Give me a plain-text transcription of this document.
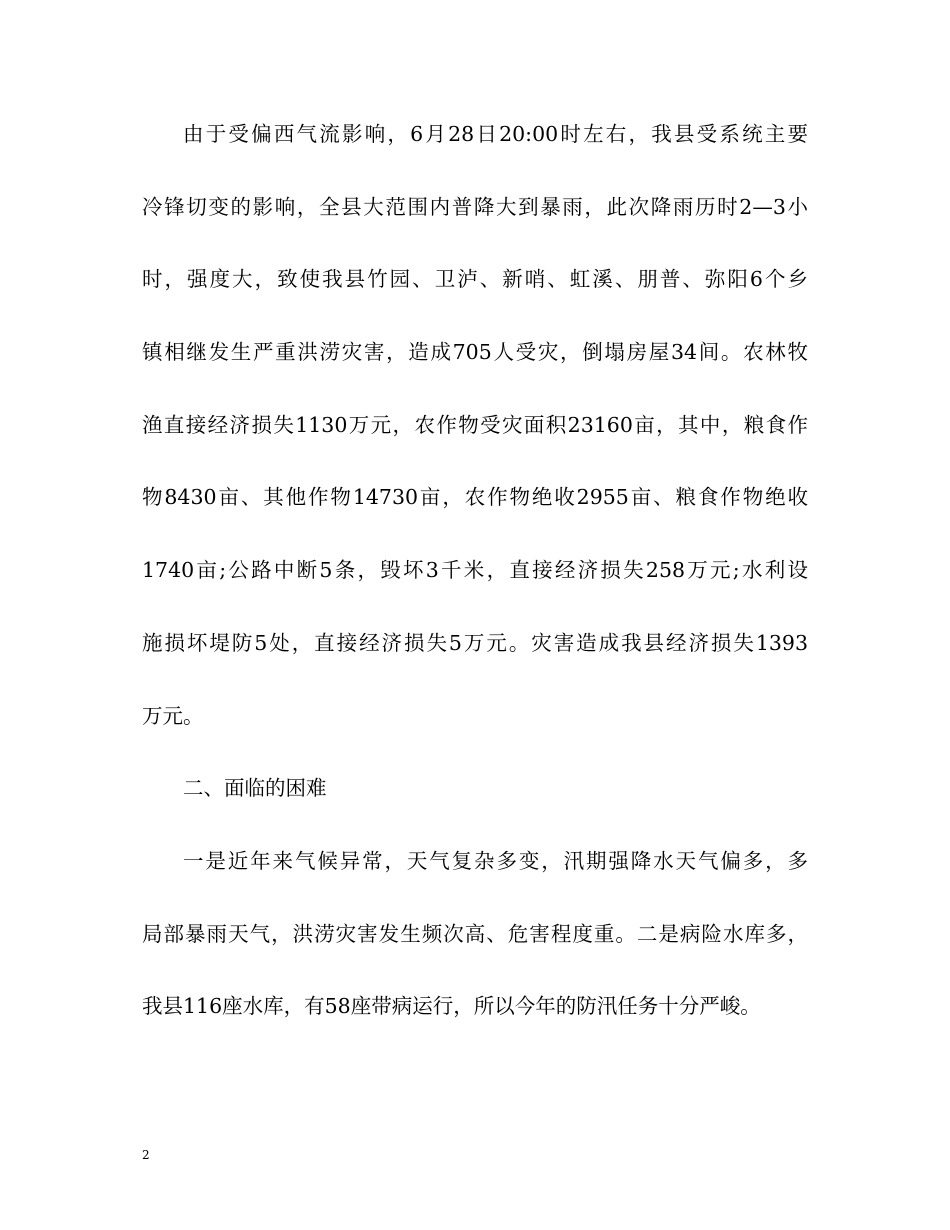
由于受偏西气流影响，6月28日20:00时左右，我县受系统主要
冷锋切变的影响，全县大范围内普降大到暴雨，此次降雨历时2—3小
时，强度大，致使我县竹园、卫泸、新哨、虹溪、朋普、弥阳6个乡
镇相继发生严重洪涝灾害，造成705人受灾，倒塌房屋34间。农林牧
渔直接经济损失1130万元，农作物受灾面积23160亩，其中，粮食作
物8430亩、其他作物14730亩，农作物绝收2955亩、粮食作物绝收
1740亩;公路中断5条，毁坏3千米，直接经济损失258万元;水利设
施损坏堤防5处，直接经济损失5万元。灾害造成我县经济损失1393
万元。
二、面临的困难
一是近年来气候异常，天气复杂多变，汛期强降水天气偏多，多
局部暴雨天气，洪涝灾害发生频次高、危害程度重。二是病险水库多，
我县116座水库，有58座带病运行，所以今年的防汛任务十分严峻。
2
